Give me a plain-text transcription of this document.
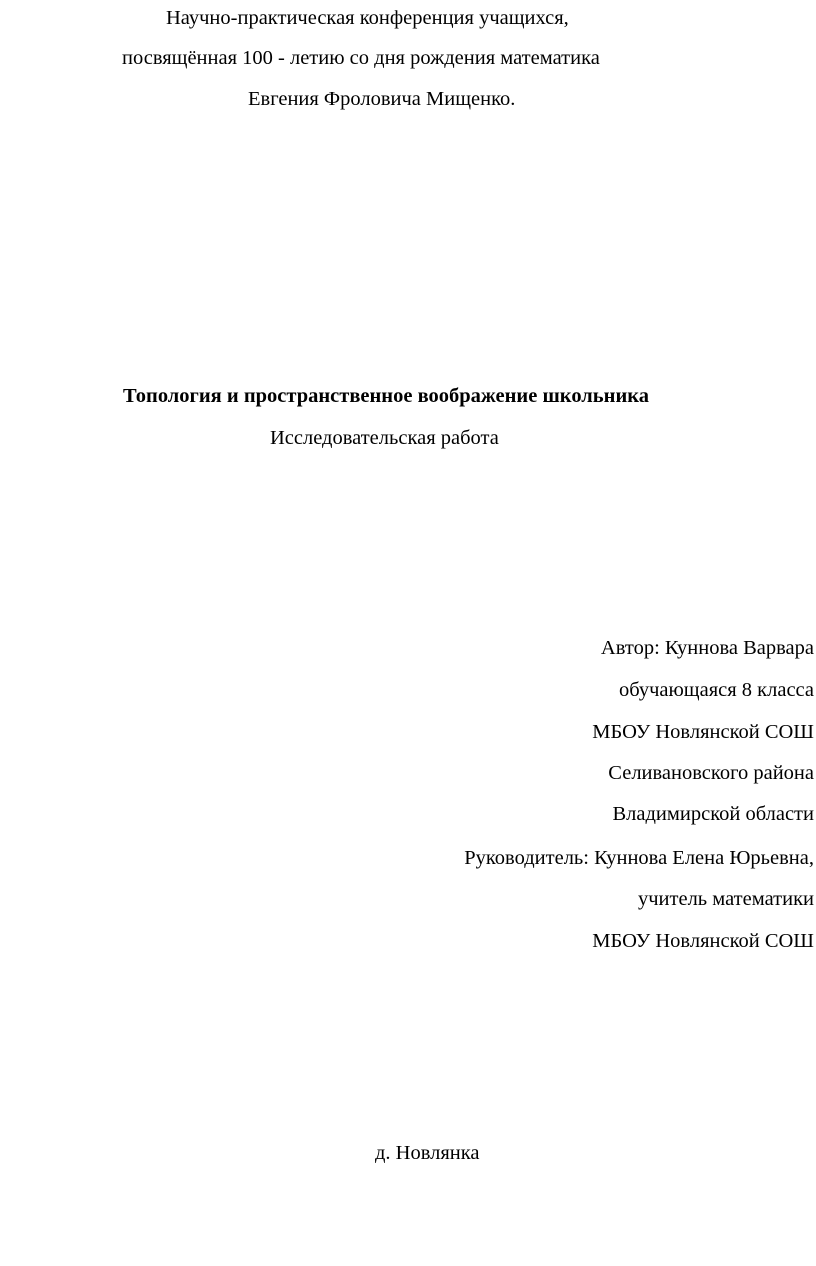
Научно-практическая конференция учащихся,
посвящённая 100 - летию со дня рождения математика
Евгения Фроловича Мищенко.
Топология и пространственное воображение школьника
Исследовательская работа
Автор: Куннова Варвара
обучающаяся 8 класса
МБОУ Новлянской СОШ
Селивановского района
Владимирской области
Руководитель: Куннова Елена Юрьевна,
учитель математики
МБОУ Новлянской СОШ
д. Новлянка
